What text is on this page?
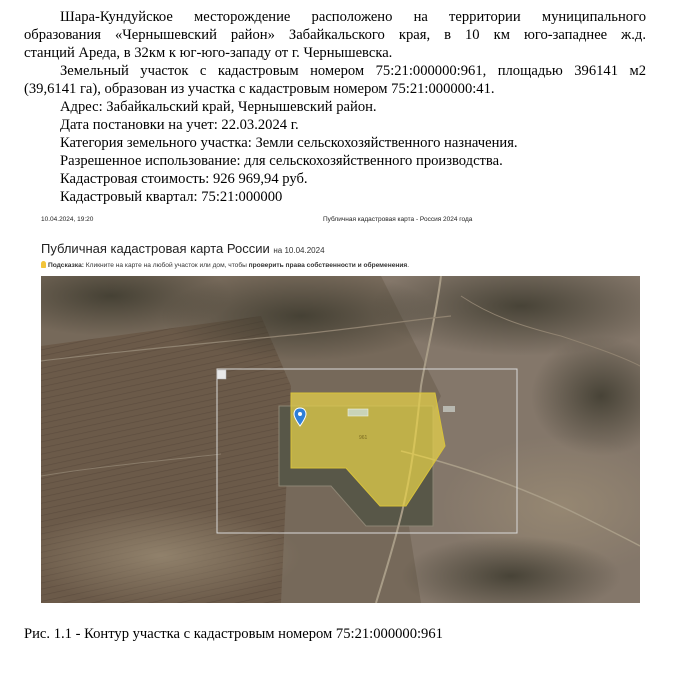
Шара-Кундуйское месторождение расположено на территории муниципального
образования «Чернышевский район» Забайкальского края, в 10 км юго-западнее ж.д.
станций Ареда, в 32км к юг-юго-западу от г. Чернышевска.
Земельный участок с кадастровым номером 75:21:000000:961, площадью 396141 м2
(39,6141 га), образован из участка с кадастровым номером 75:21:000000:41.
Адрес: Забайкальский край, Чернышевский район.
Дата постановки на учет: 22.03.2024 г.
Категория земельного участка: Земли сельскохозяйственного назначения.
Разрешенное использование: для сельскохозяйственного производства.
Кадастровая стоимость: 926 969,94 руб.
Кадастровый квартал: 75:21:000000
10.04.2024, 19:20	Публичная кадастровая карта - Россия 2024 года
Публичная кадастровая карта России на 10.04.2024
Подсказка: Кликните на карте на любой участок или дом, чтобы проверить права собственности и обременения.
961
Рис. 1.1 - Контур участка с кадастровым номером 75:21:000000:961
